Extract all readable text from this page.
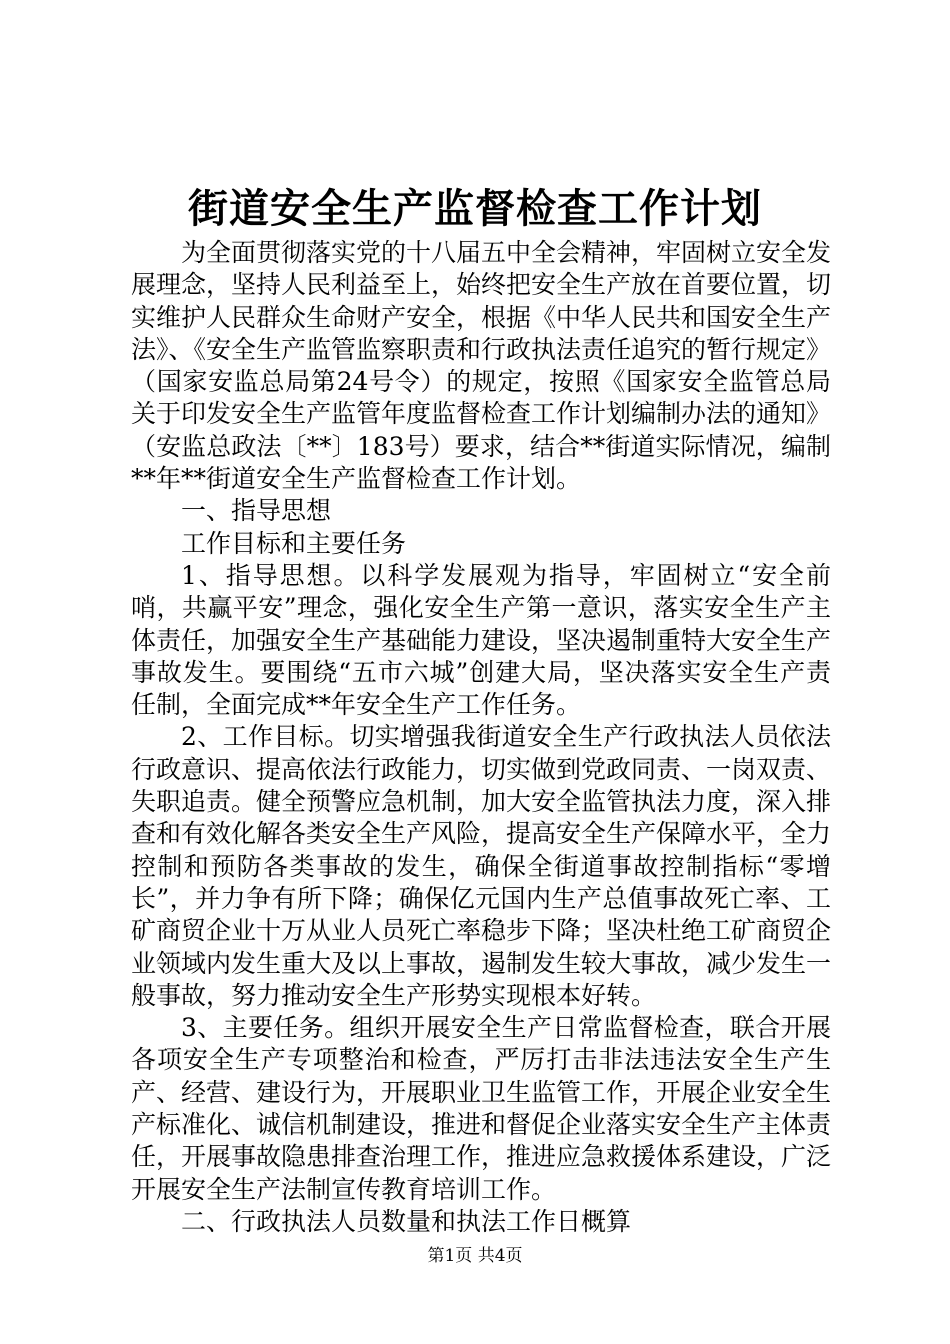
街道安全生产监督检查工作计划

为全面贯彻落实党的十八届五中全会精神，牢固树立安全发展理念，坚持人民利益至上，始终把安全生产放在首要位置，切实维护人民群众生命财产安全，根据《中华人民共和国安全生产法》、《安全生产监管监察职责和行政执法责任追究的暂行规定》（国家安监总局第24号令）的规定，按照《国家安全监管总局关于印发安全生产监管年度监督检查工作计划编制办法的通知》（安监总政法〔**〕183号）要求，结合**街道实际情况，编制**年**街道安全生产监督检查工作计划。

一、指导思想

工作目标和主要任务

1、指导思想。以科学发展观为指导，牢固树立“安全前哨，共赢平安”理念，强化安全生产第一意识，落实安全生产主体责任，加强安全生产基础能力建设，坚决遏制重特大安全生产事故发生。要围绕“五市六城”创建大局，坚决落实安全生产责任制，全面完成**年安全生产工作任务。

2、工作目标。切实增强我街道安全生产行政执法人员依法行政意识、提高依法行政能力，切实做到党政同责、一岗双责、失职追责。健全预警应急机制，加大安全监管执法力度，深入排查和有效化解各类安全生产风险，提高安全生产保障水平，全力控制和预防各类事故的发生，确保全街道事故控制指标“零增长”，并力争有所下降；确保亿元国内生产总值事故死亡率、工矿商贸企业十万从业人员死亡率稳步下降；坚决杜绝工矿商贸企业领域内发生重大及以上事故，遏制发生较大事故，减少发生一般事故，努力推动安全生产形势实现根本好转。

3、主要任务。组织开展安全生产日常监督检查，联合开展各项安全生产专项整治和检查，严厉打击非法违法安全生产生产、经营、建设行为，开展职业卫生监管工作，开展企业安全生产标准化、诚信机制建设，推进和督促企业落实安全生产主体责任，开展事故隐患排查治理工作，推进应急救援体系建设，广泛开展安全生产法制宣传教育培训工作。

二、行政执法人员数量和执法工作日概算

第1页 共4页
